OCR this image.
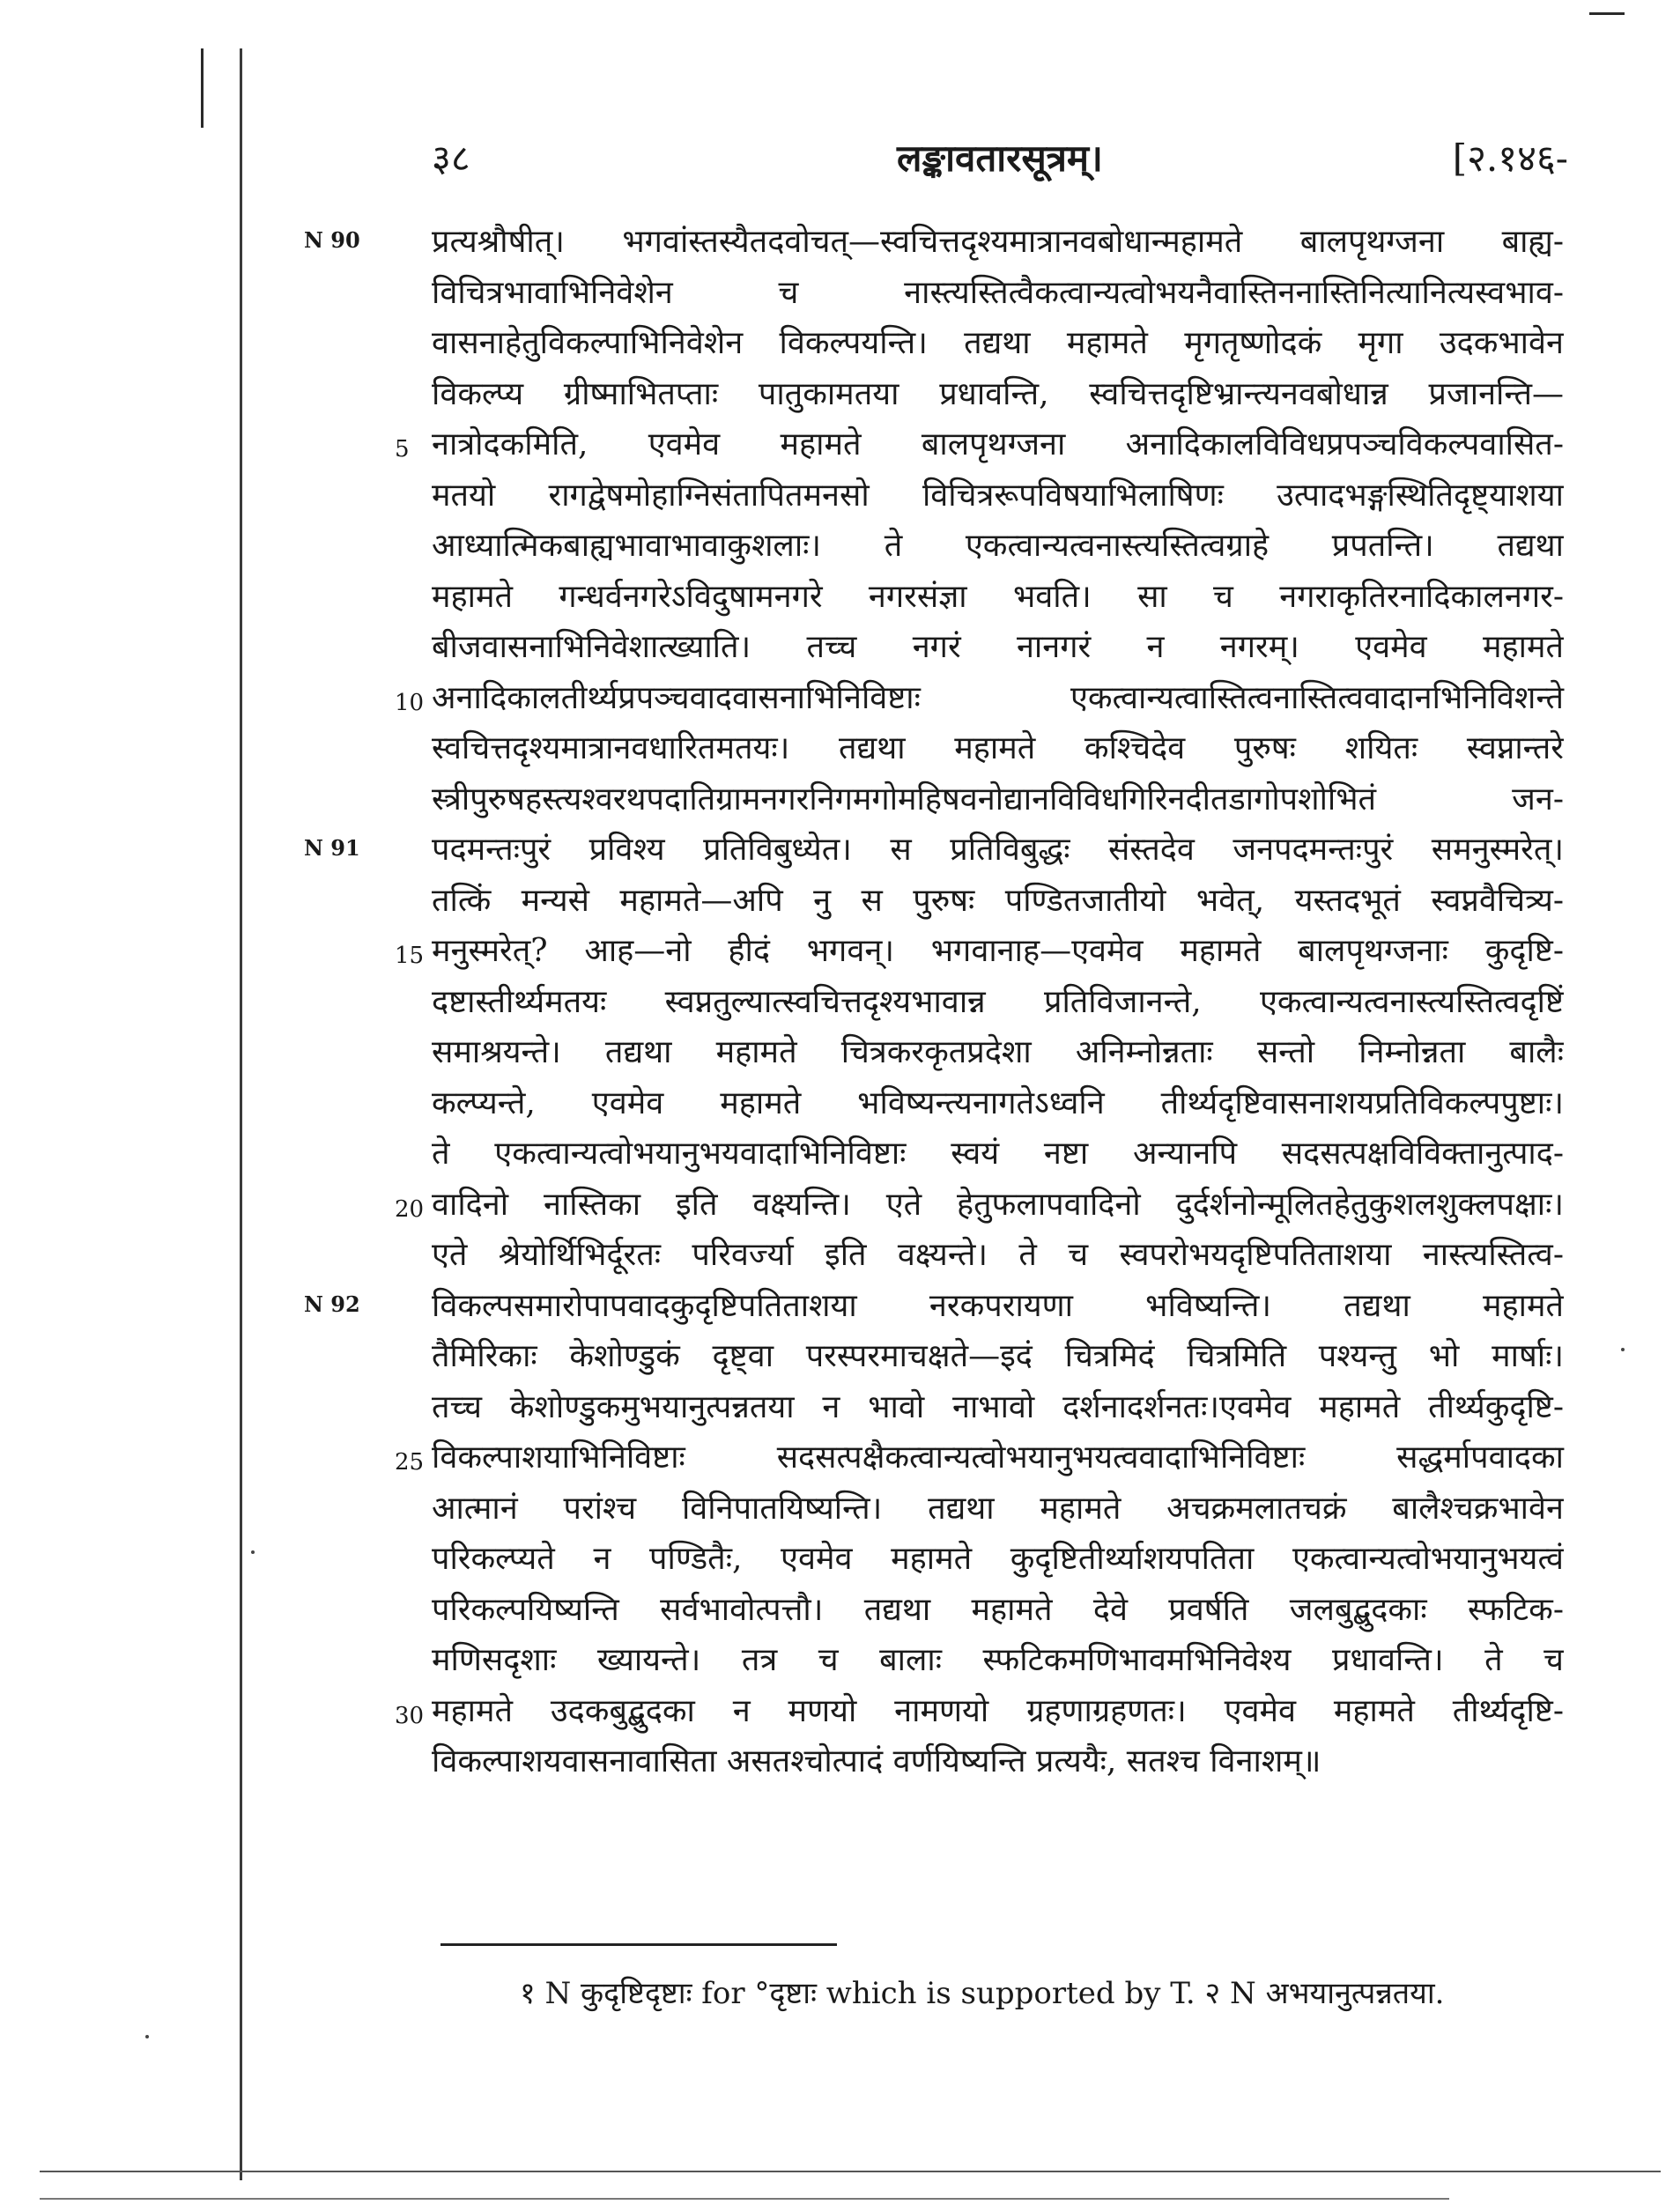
३८	लङ्कावतारसूत्रम्।	[२.१४६-
N 90
N 91
N 92
प्रत्यश्रौषीत्। भगवांस्तस्यैतदवोचत्—स्वचित्तदृश्यमात्रानवबोधान्महामते बालपृथग्जना बाह्य-
विचित्रभावाभिनिवेशेन च नास्त्यस्तित्वैकत्वान्यत्वोभयनैवास्तिननास्तिनित्यानित्यस्वभाव-
वासनाहेतुविकल्पाभिनिवेशेन विकल्पयन्ति। तद्यथा महामते मृगतृष्णोदकं मृगा उदकभावेन
विकल्प्य ग्रीष्माभितप्ताः पातुकामतया प्रधावन्ति, स्वचित्तदृष्टिभ्रान्त्यनवबोधान्न प्रजानन्ति—
5 नात्रोदकमिति, एवमेव महामते बालपृथग्जना अनादिकालविविधप्रपञ्चविकल्पवासित-
मतयो रागद्वेषमोहाग्निसंतापितमनसो विचित्ररूपविषयाभिलाषिणः उत्पादभङ्गस्थितिदृष्ट्याशया
आध्यात्मिकबाह्यभावाभावाकुशलाः। ते एकत्वान्यत्वनास्त्यस्तित्वग्राहे प्रपतन्ति। तद्यथा
महामते गन्धर्वनगरेऽविदुषामनगरे नगरसंज्ञा भवति। सा च नगराकृतिरनादिकालनगर-
बीजवासनाभिनिवेशात्ख्याति। तच्च नगरं नानगरं न नगरम्। एवमेव महामते
10 अनादिकालतीर्थ्यप्रपञ्चवादवासनाभिनिविष्टाः एकत्वान्यत्वास्तित्वनास्तित्ववादानभिनिविशन्ते
स्वचित्तदृश्यमात्रानवधारितमतयः। तद्यथा महामते कश्चिदेव पुरुषः शयितः स्वप्नान्तरे
स्त्रीपुरुषहस्त्यश्वरथपदातिग्रामनगरनिगमगोमहिषवनोद्यानविविधगिरिनदीतडागोपशोभितं जन-
पदमन्तःपुरं प्रविश्य प्रतिविबुध्येत। स प्रतिविबुद्धः संस्तदेव जनपदमन्तःपुरं समनुस्मरेत्।
तत्किं मन्यसे महामते—अपि नु स पुरुषः पण्डितजातीयो भवेत्, यस्तदभूतं स्वप्नवैचित्र्य-
15 मनुस्मरेत्? आह—नो हीदं भगवन्। भगवानाह—एवमेव महामते बालपृथग्जनाः कुदृष्टि-
दष्टास्तीर्थ्यमतयः स्वप्नतुल्यात्स्वचित्तदृश्यभावान्न प्रतिविजानन्ते, एकत्वान्यत्वनास्त्यस्तित्वदृष्टिं
समाश्रयन्ते। तद्यथा महामते चित्रकरकृतप्रदेशा अनिम्नोन्नताः सन्तो निम्नोन्नता बालैः
कल्प्यन्ते, एवमेव महामते भविष्यन्त्यनागतेऽध्वनि तीर्थ्यदृष्टिवासनाशयप्रतिविकल्पपुष्टाः।
ते एकत्वान्यत्वोभयानुभयवादाभिनिविष्टाः स्वयं नष्टा अन्यानपि सदसत्पक्षविविक्तानुत्पाद-
20 वादिनो नास्तिका इति वक्ष्यन्ति। एते हेतुफलापवादिनो दुर्दर्शनोन्मूलितहेतुकुशलशुक्लपक्षाः।
एते श्रेयोर्थिभिर्दूरतः परिवर्ज्या इति वक्ष्यन्ते। ते च स्वपरोभयदृष्टिपतिताशया नास्त्यस्तित्व-
विकल्पसमारोपापवादकुदृष्टिपतिताशया नरकपरायणा भविष्यन्ति। तद्यथा महामते
तैमिरिकाः केशोण्डुकं दृष्ट्वा परस्परमाचक्षते—इदं चित्रमिदं चित्रमिति पश्यन्तु भो मार्षाः।
तच्च केशोण्डुकमुभयानुत्पन्नतया न भावो नाभावो दर्शनादर्शनतः।एवमेव महामते तीर्थ्यकुदृष्टि-
25 विकल्पाशयाभिनिविष्टाः सदसत्पक्षैकत्वान्यत्वोभयानुभयत्ववादाभिनिविष्टाः सद्धर्मापवादका
आत्मानं परांश्च विनिपातयिष्यन्ति। तद्यथा महामते अचक्रमलातचक्रं बालैश्चक्रभावेन
परिकल्प्यते न पण्डितैः, एवमेव महामते कुदृष्टितीर्थ्याशयपतिता एकत्वान्यत्वोभयानुभयत्वं
परिकल्पयिष्यन्ति सर्वभावोत्पत्तौ। तद्यथा महामते देवे प्रवर्षति जलबुद्बुदकाः स्फटिक-
मणिसदृशाः ख्यायन्ते। तत्र च बालाः स्फटिकमणिभावमभिनिवेश्य प्रधावन्ति। ते च
30 महामते उदकबुद्बुदका न मणयो नामणयो ग्रहणाग्रहणतः। एवमेव महामते तीर्थ्यदृष्टि-
विकल्पाशयवासनावासिता असतश्चोत्पादं वर्णयिष्यन्ति प्रत्ययैः, सतश्च विनाशम्॥
१ N कुदृष्टिदृष्टाः for °दृष्टाः which is supported by T. २ N अभयानुत्पन्नतया.
